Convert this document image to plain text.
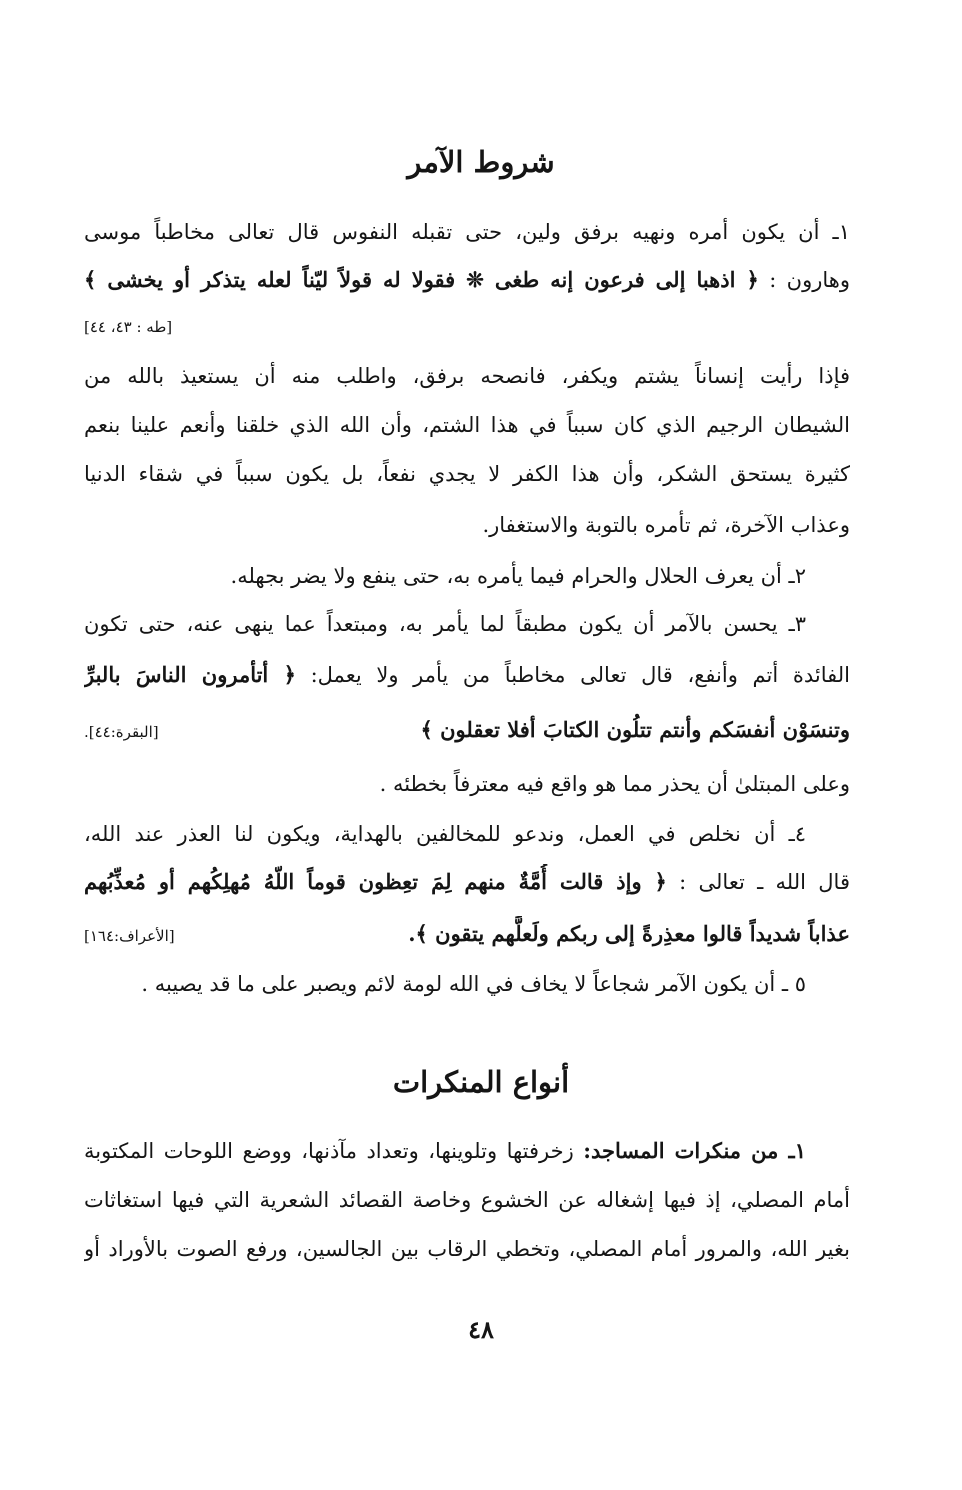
شروط الآمر
١ـ أن يكون أمره ونهيه برفق ولين، حتى تقبله النفوس قال تعالى مخاطباً موسى
وهارون : ﴿ اذهبا إلى فرعون إنه طغى ❊ فقولا له قولاً ليّناً لعله يتذكر أو يخشى ﴾
[طه : ٤٣، ٤٤]
فإذا رأيت إنساناً يشتم ويكفر، فانصحه برفق، واطلب منه أن يستعيذ بالله من
الشيطان الرجيم الذي كان سبباً في هذا الشتم، وأن الله الذي خلقنا وأنعم علينا بنعم
كثيرة يستحق الشكر، وأن هذا الكفر لا يجدي نفعاً، بل يكون سبباً في شقاء الدنيا
وعذاب الآخرة، ثم تأمره بالتوبة والاستغفار.
٢ـ أن يعرف الحلال والحرام فيما يأمره به، حتى ينفع ولا يضر بجهله.
٣ـ يحسن بالآمر أن يكون مطبقاً لما يأمر به، ومبتعداً عما ينهى عنه، حتى تكون
الفائدة أتم وأنفع، قال تعالى مخاطباً من يأمر ولا يعمل: ﴿ أتأمرون الناسَ بالبرِّ
وتنسَوْن أنفسَكم وأنتم تتلُون الكتابَ أفلا تعقلون ﴾
[البقرة:٤٤].
وعلى المبتلىٰ أن يحذر مما هو واقع فيه معترفاً بخطئه .
٤ـ أن نخلص في العمل، وندعو للمخالفين بالهداية، ويكون لنا العذر عند الله،
قال الله ـ تعالى : ﴿ وإذ قالت أُمَّةٌ منهم لِمَ تعِظون قوماً اللّهُ مُهلِكُهم أو مُعذِّبُهم
عذاباً شديداً قالوا معذِرةً إلى ربكم ولَعلَّهم يتقون ﴾.
[الأعراف:١٦٤]
٥ ـ أن يكون الآمر شجاعاً لا يخاف في الله لومة لائم ويصبر على ما قد يصيبه .
أنواع المنكرات
١ـ من منكرات المساجد: زخرفتها وتلوينها، وتعداد مآذنها، ووضع اللوحات المكتوبة
أمام المصلي، إذ فيها إشغاله عن الخشوع وخاصة القصائد الشعرية التي فيها استغاثات
بغير الله، والمرور أمام المصلي، وتخطي الرقاب بين الجالسين، ورفع الصوت بالأوراد أو
٤٨
